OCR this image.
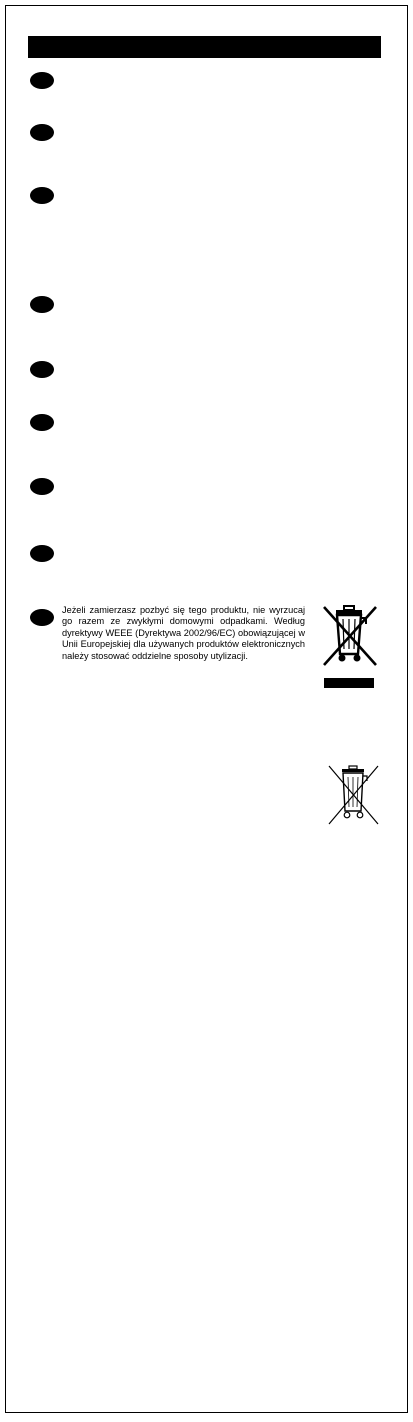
Jeżeli zamierzasz pozbyć się tego produktu, nie wyrzucaj go razem ze zwykłymi domowymi odpadkami. Według dyrektywy WEEE (Dyrektywa 2002/96/EC) obowiązującej w Unii Europejskiej dla używanych produktów elektronicznych należy stosować oddzielne sposoby utylizacji.
